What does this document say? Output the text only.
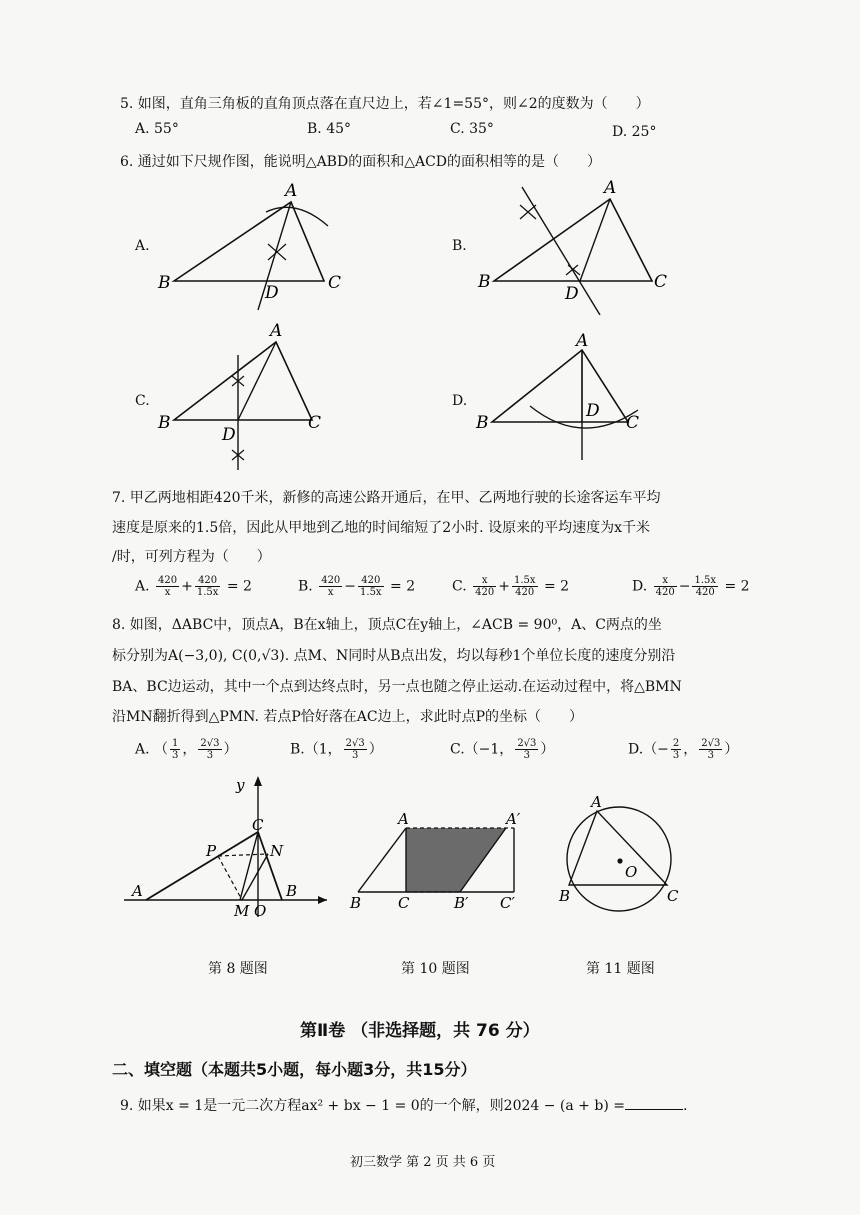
5. 如图，直角三角板的直角顶点落在直尺边上，若∠1=55°，则∠2的度数为（　　）
A. 55°	B. 45°	C. 35°	D. 25°
6. 通过如下尺规作图，能说明△ABD的面积和△ACD的面积相等的是（　　）
A.
B
A
C
D
B.
B
A
C
D
C.
B
A
C
D
D.
B
A
C
D
7. 甲乙两地相距420千米，新修的高速公路开通后，在甲、乙两地行驶的长途客运车平均
速度是原来的1.5倍，因此从甲地到乙地的时间缩短了2小时. 设原来的平均速度为x千米
/时，可列方程为（　　）
A. $\frac{420}{x} + \frac{420}{1.5x} = 2$	B. $\frac{420}{x} - \frac{420}{1.5x} = 2$	C. $\frac{x}{420} + \frac{1.5x}{420} = 2$	D. $\frac{x}{420} - \frac{1.5x}{420} = 2$
8. 如图，ΔABC中，顶点A，B在x轴上，顶点C在y轴上，∠ACB = 90⁰，A、C两点的坐
标分别为A(−3,0), C(0,√3). 点M、N同时从B点出发，均以每秒1个单位长度的速度分别沿
BA、BC边运动，其中一个点到达终点时，另一点也随之停止运动.在运动过程中，将△BMN
沿MN翻折得到△PMN. 若点P恰好落在AC边上，求此时点P的坐标（　　）
A. （ $\frac{1}{3}$ ， $\frac{2√3}{3}$ ）	B.（1， $\frac{2√3}{3}$ ）	C.（−1， $\frac{2√3}{3}$ ）	$D.(- \frac{2}{3}$ ， $\frac{2√3}{3}$ ）
y
C
P	N
A
M O
B
A	A′
B C	B′ C′
A
O
B	C
第 8 题图	第 10 题图	第 11 题图
第Ⅱ卷 （非选择题，共 76 分）
二、填空题（本题共5小题，每小题3分，共15分）
9. 如果x = 1是一元二次方程ax² + bx − 1 = 0的一个解，则2024 − (a + b) =	.
初三数学 第 2 页 共 6 页
